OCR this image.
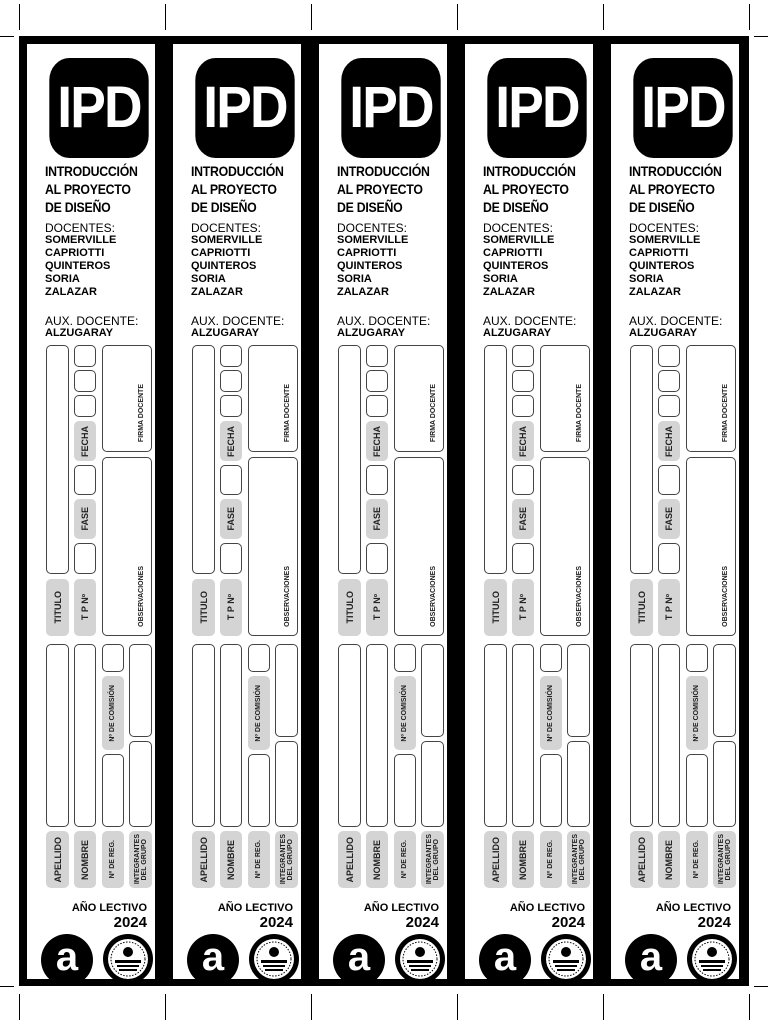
IPD
INTRODUCCIÓN
AL PROYECTO
DE DISEÑO
DOCENTES:
SOMERVILLE
CAPRIOTTI
QUINTEROS
SORIA
ZALAZAR
AUX. DOCENTE:
ALZUGARAY
TITULO
FECHA
FASE
T P Nº
FIRMA DOCENTE
OBSERVACIONES
APELLIDO NOMBRE
Nº DE COMISIÓN
Nº DE REG.	INTEGRANTES DEL GRUPO
AÑO LECTIVO
2024
a
IPD
INTRODUCCIÓN
AL PROYECTO
DE DISEÑO
DOCENTES:
SOMERVILLE
CAPRIOTTI
QUINTEROS
SORIA
ZALAZAR
AUX. DOCENTE:
ALZUGARAY
TITULO
FECHA
FASE
T P Nº
FIRMA DOCENTE
OBSERVACIONES
APELLIDO NOMBRE
Nº DE COMISIÓN
Nº DE REG.	INTEGRANTES DEL GRUPO
AÑO LECTIVO
2024
a
IPD
INTRODUCCIÓN
AL PROYECTO
DE DISEÑO
DOCENTES:
SOMERVILLE
CAPRIOTTI
QUINTEROS
SORIA
ZALAZAR
AUX. DOCENTE:
ALZUGARAY
TITULO
FECHA
FASE
T P Nº
FIRMA DOCENTE
OBSERVACIONES
APELLIDO NOMBRE
Nº DE COMISIÓN
Nº DE REG.	INTEGRANTES DEL GRUPO
AÑO LECTIVO
2024
a
IPD
INTRODUCCIÓN
AL PROYECTO
DE DISEÑO
DOCENTES:
SOMERVILLE
CAPRIOTTI
QUINTEROS
SORIA
ZALAZAR
AUX. DOCENTE:
ALZUGARAY
TITULO
FECHA
FASE
T P Nº
FIRMA DOCENTE
OBSERVACIONES
APELLIDO NOMBRE
Nº DE COMISIÓN
Nº DE REG.	INTEGRANTES DEL GRUPO
AÑO LECTIVO
2024
a
IPD
INTRODUCCIÓN
AL PROYECTO
DE DISEÑO
DOCENTES:
SOMERVILLE
CAPRIOTTI
QUINTEROS
SORIA
ZALAZAR
AUX. DOCENTE:
ALZUGARAY
TITULO
FECHA
FASE
T P Nº
FIRMA DOCENTE
OBSERVACIONES
APELLIDO NOMBRE
Nº DE COMISIÓN
Nº DE REG.	INTEGRANTES DEL GRUPO
AÑO LECTIVO
2024
a
